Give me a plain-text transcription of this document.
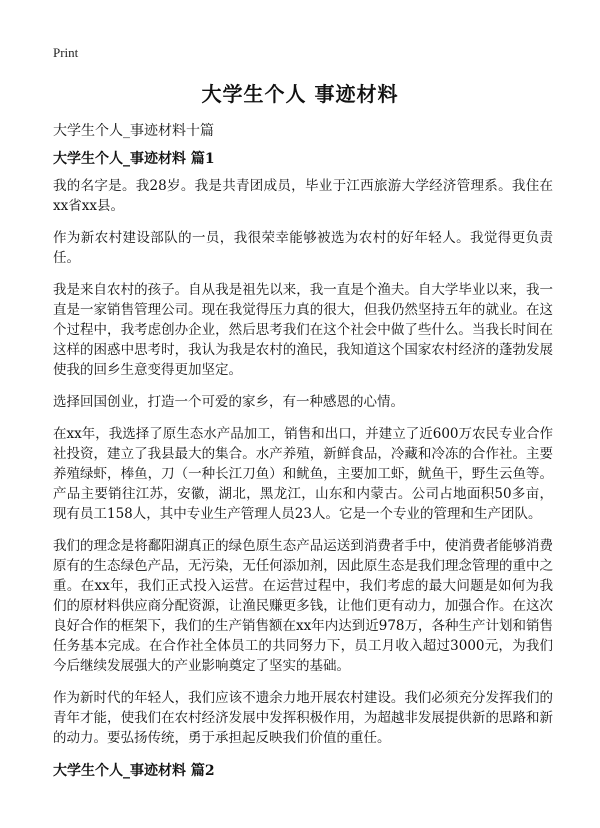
Print
大学生个人 事迹材料

大学生个人_事迹材料十篇

大学生个人_事迹材料 篇1

我的名字是。我28岁。我是共青团成员，毕业于江西旅游大学经济管理系。我住在xx省xx县。

作为新农村建设部队的一员，我很荣幸能够被选为农村的好年轻人。我觉得更负责任。

我是来自农村的孩子。自从我是祖先以来，我一直是个渔夫。自大学毕业以来，我一直是一家销售管理公司。现在我觉得压力真的很大，但我仍然坚持五年的就业。在这个过程中，我考虑创办企业，然后思考我们在这个社会中做了些什么。当我长时间在这样的困惑中思考时，我认为我是农村的渔民，我知道这个国家农村经济的蓬勃发展使我的回乡生意变得更加坚定。

选择回国创业，打造一个可爱的家乡，有一种感恩的心情。

在xx年，我选择了原生态水产品加工，销售和出口，并建立了近600万农民专业合作社投资，建立了我县最大的集合。水产养殖，新鲜食品，冷藏和冷冻的合作社。主要养殖绿虾，棒鱼，刀（一种长江刀鱼）和鱿鱼，主要加工虾，鱿鱼干，野生云鱼等。产品主要销往江苏，安徽，湖北，黑龙江，山东和内蒙古。公司占地面积50多亩，现有员工158人，其中专业生产管理人员23人。它是一个专业的管理和生产团队。

我们的理念是将鄱阳湖真正的绿色原生态产品运送到消费者手中，使消费者能够消费原有的生态绿色产品，无污染，无任何添加剂，因此原生态是我们理念管理的重中之重。在xx年，我们正式投入运营。在运营过程中，我们考虑的最大问题是如何为我们的原材料供应商分配资源，让渔民赚更多钱，让他们更有动力，加强合作。在这次良好合作的框架下，我们的生产销售额在xx年内达到近978万，各种生产计划和销售任务基本完成。在合作社全体员工的共同努力下，员工月收入超过3000元，为我们今后继续发展强大的产业影响奠定了坚实的基础。

作为新时代的年轻人，我们应该不遗余力地开展农村建设。我们必须充分发挥我们的青年才能，使我们在农村经济发展中发挥积极作用，为超越非发展提供新的思路和新的动力。要弘扬传统，勇于承担起反映我们价值的重任。

大学生个人_事迹材料 篇2
